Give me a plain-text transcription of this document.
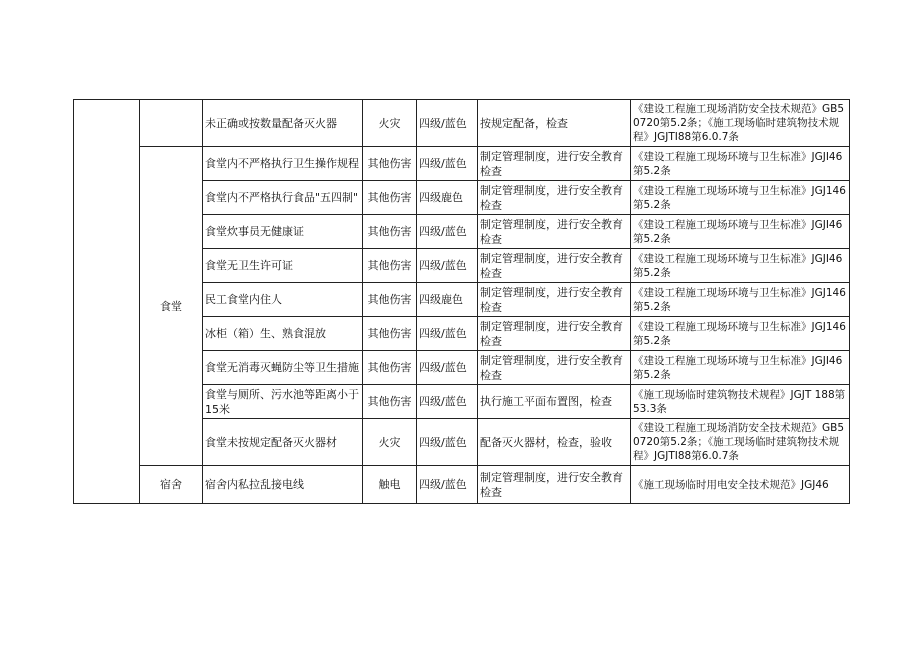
		未正确或按数量配备灭火器	火灾	四级/蓝色	按规定配备，检查	《建设工程施工现场消防安全技术规范》GB50720第5.2条；《施工现场临时建筑物技术规程》JGJTI88第6.0.7条
	食堂	食堂内不严格执行卫生操作规程	其他伤害	四级/蓝色	制定管理制度，进行安全教育检查	《建设工程施工现场环境与卫生标准》JGJI46第5.2条
		食堂内不严格执行食品"五四制"	其他伤害	四级鹿色	制定管理制度，进行安全教育检查	《建设工程施工现场环境与卫生标准》JGJ146第5.2条
		食堂炊事员无健康证	其他伤害	四级/蓝色	制定管理制度，进行安全教育检查	《建设工程施工现场环境与卫生标准》JGJI46第5.2条
		食堂无卫生许可证	其他伤害	四级/蓝色	制定管理制度，进行安全教育检查	《建设工程施工现场环境与卫生标准》JGJI46第5.2条
		民工食堂内住人	其他伤害	四级鹿色	制定管理制度，进行安全教育检查	《建设工程施工现场环境与卫生标准》JGJ146第5.2条
		冰柜（箱）生、熟食混放	其他伤害	四级/蓝色	制定管理制度，进行安全教育检查	《建设工程施工现场环境与卫生标准》JGJ146第5.2条
		食堂无消毒灭蝇防尘等卫生措施	其他伤害	四级/蓝色	制定管理制度，进行安全教育检查	《建设工程施工现场环境与卫生标准》JGJI46第5.2条
		食堂与厕所、污水池等距离小于15米	其他伤害	四级/蓝色	执行施工平面布置图，检查	《施工现场临时建筑物技术规程》JGJT 188第53.3条
		食堂未按规定配备灭火器材	火灾	四级/蓝色	配备灭火器材，检查，验收	《建设工程施工现场消防安全技术规范》GB50720第5.2条；《施工现场临时建筑物技术规程》JGJTI88第6.0.7条
	宿舍	宿舍内私拉乱接电线	触电	四级/蓝色	制定管理制度，进行安全教育检查	《施工现场临时用电安全技术规范》JGJ46
